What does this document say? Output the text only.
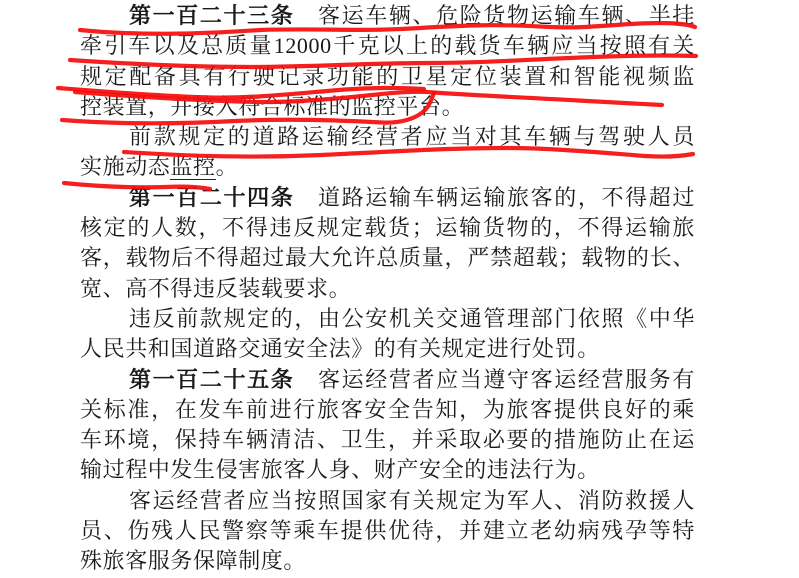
第一百二十三条　客运车辆、危险货物运输车辆、半挂
牵引车以及总质量12000千克以上的载货车辆应当按照有关
规定配备具有行驶记录功能的卫星定位装置和智能视频监
控装置，并接入符合标准的监控平台。
前款规定的道路运输经营者应当对其车辆与驾驶人员
实施动态监控。
第一百二十四条　道路运输车辆运输旅客的，不得超过
核定的人数，不得违反规定载货；运输货物的，不得运输旅
客，载物后不得超过最大允许总质量，严禁超载；载物的长、
宽、高不得违反装载要求。
违反前款规定的，由公安机关交通管理部门依照《中华
人民共和国道路交通安全法》的有关规定进行处罚。
第一百二十五条　客运经营者应当遵守客运经营服务有
关标准，在发车前进行旅客安全告知，为旅客提供良好的乘
车环境，保持车辆清洁、卫生，并采取必要的措施防止在运
输过程中发生侵害旅客人身、财产安全的违法行为。
客运经营者应当按照国家有关规定为军人、消防救援人
员、伤残人民警察等乘车提供优待，并建立老幼病残孕等特
殊旅客服务保障制度。
